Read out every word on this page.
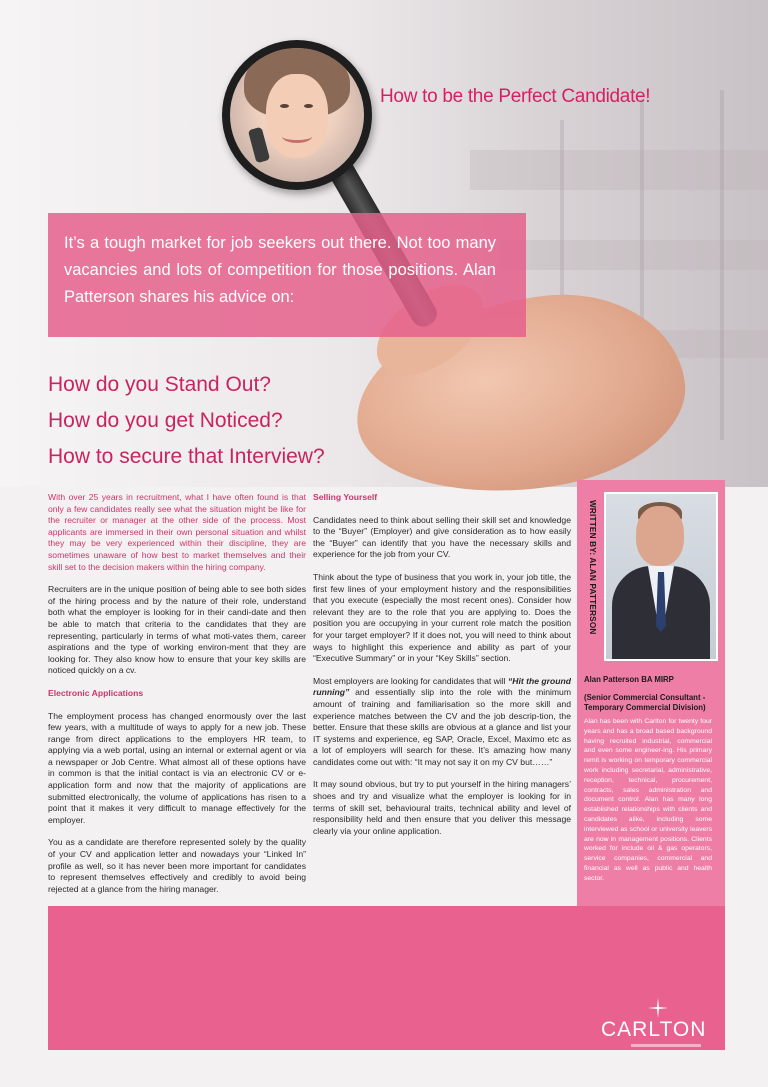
How to be the Perfect Candidate!
It’s a tough market for job seekers out there. Not too many vacancies and lots of competition for those positions. Alan Patterson shares his advice on:
How do you Stand Out?
How do you get Noticed?
How to secure that Interview?

With over 25 years in recruitment, what I have often found is that only a few candidates really see what the situation might be like for the recruiter or manager at the other side of the process. Most applicants are immersed in their own personal situation and whilst they may be very experienced within their discipline, they are sometimes unaware of how best to market themselves and their skill set to the decision makers within the hiring company.

Recruiters are in the unique position of being able to see both sides of the hiring process and by the nature of their role, understand both what the employer is looking for in their candi-date and then be able to match that criteria to the candidates that they are representing, particularly in terms of what moti-vates them, career aspirations and the type of working environ-ment that they are looking for. They also know how to ensure that your key skills are noticed quickly on a cv.

Electronic Applications

The employment process has changed enormously over the last few years, with a multitude of ways to apply for a new job. These range from direct applications to the employers HR team, to applying via a web portal, using an internal or external agent or via a newspaper or Job Centre. What almost all of these options have in common is that the initial contact is via an electronic CV or e-application form and now that the majority of applications are submitted electronically, the volume of applications has risen to a point that it makes it very difficult to manage effectively for the employer.

You as a candidate are therefore represented solely by the quality of your CV and application letter and nowadays your “Linked In” profile as well, so it has never been more important for candidates to represent themselves effectively and credibly to avoid being rejected at a glance from the hiring manager.

Selling Yourself

Candidates need to think about selling their skill set and knowledge to the “Buyer” (Employer) and give consideration as to how easily the “Buyer” can identify that you have the necessary skills and experience for the job from your CV.

Think about the type of business that you work in, your job title, the first few lines of your employment history and the responsibilities that you execute (especially the most recent ones). Consider how relevant they are to the role that you are applying to. Does the position you are occupying in your current role match the position for your target employer? If it does not, you will need to think about ways to highlight this experience and ability as part of your “Executive Summary” or in your “Key Skills” section.

Most employers are looking for candidates that will “Hit the ground running” and essentially slip into the role with the minimum amount of training and familiarisation so the more skill and experience matches between the CV and the job descrip-tion, the better. Ensure that these skills are obvious at a glance and list your IT systems and experience, eg SAP, Oracle, Excel, Maximo etc as a lot of employers will search for these. It’s amazing how many candidates come out with: “It may not say it on my CV but……”

It may sound obvious, but try to put yourself in the hiring managers’ shoes and try and visualize what the employer is looking for in terms of skill set, behavioural traits, technical ability and level of responsibility held and then ensure that you deliver this message clearly via your online application.

WRITTEN BY: ALAN PATTERSON
Alan Patterson BA MIRP
(Senior Commercial Consultant - Temporary Commercial Division)
Alan has been with Carlton for twenty four years and has a broad based background having recruited industrial, commercial and even some engineer-ing. His primary remit is working on temporary commercial work including secretarial, administrative, reception, technical, procurement, contracts, sales administration and document control. Alan has many long established relationships with clients and candidates alike, including some interviewed as school or university leavers are now in management positions. Clients worked for include oil & gas operators, service companies, commercial and financial as well as public and health sector.
CARLTON
